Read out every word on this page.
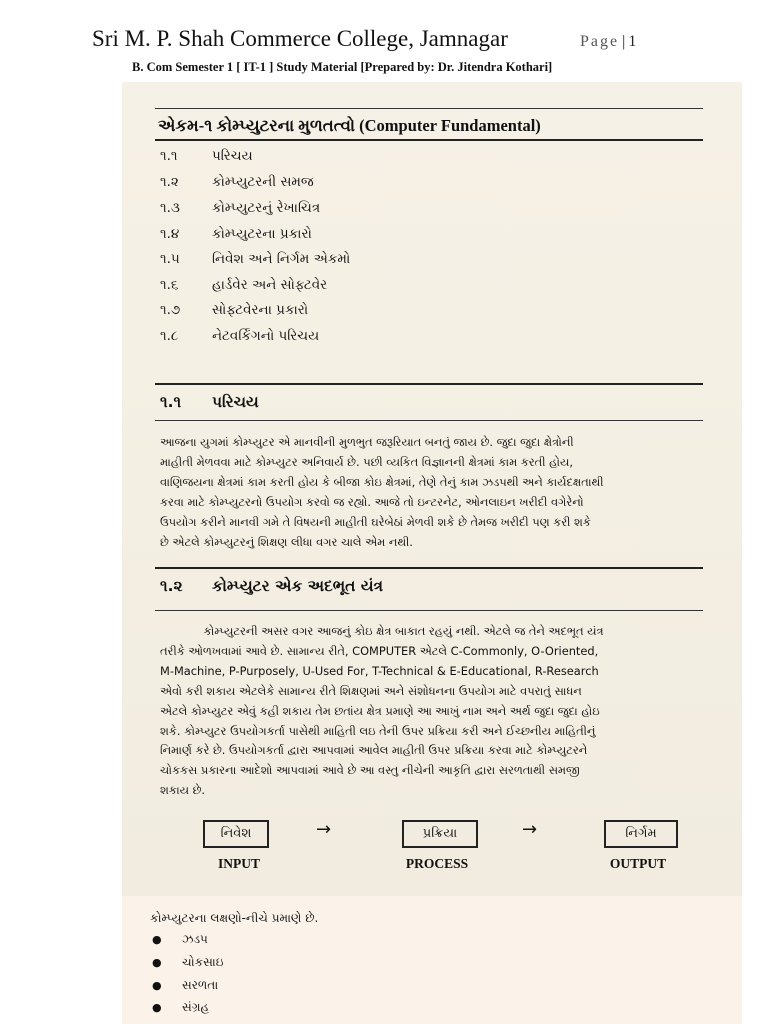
Sri M. P. Shah Commerce College, Jamnagar	Page | 1
B. Com Semester 1 [ IT-1 ] Study Material [Prepared by: Dr. Jitendra Kothari]
એકમ-૧ કોમ્પ્યુટરના મુળતત્વો (Computer Fundamental)
૧.૧	પરિચય
૧.૨ કોમ્પ્યુટરની સમજ
૧.૩ કોમ્પ્યુટરનું રેખાચિત્ર
૧.૪ કોમ્પ્યુટરના પ્રકારો
૧.૫ નિવેશ અને નિર્ગમ એકમો
૧.૬ હાર્ડવેર અને સોફ્ટવેર
૧.૭ સોફ્ટવેરના પ્રકારો
૧.૮ નેટવર્કિંગનો પરિચય
૧.૧ પરિચય
આજના યુગમાં કોમ્પ્યુટર એ માનવીની મુળભુત જરૂરિયાત બનતું જાય છે. જુદા જુદા ક્ષેત્રોની
માહીતી મેળવવા માટે કોમ્પ્યુટર અનિવાર્ય છે. પછી વ્યકિત વિજ્ઞાનની ક્ષેત્રમાં કામ કરતી હોય,
વાણિજયના ક્ષેત્રમાં કામ કરતી હોય કે બીજા કોઇ ક્ષેત્રમાં, તેણે તેનું કામ ઝડપથી અને કાર્યદક્ષતાથી
કરવા માટે કોમ્પ્યુટરનો ઉપયોગ કરવો જ રહ્યો. આજે તો ઇન્ટરનેટ, ઓનલાઇન ખરીદી વગેરેનો
ઉપયોગ કરીને માનવી ગમે તે વિષયની માહીતી ઘરેબેઠાં મેળવી શકે છે તેમજ ખરીદી પણ કરી શકે
છે એટલે કોમ્પ્યુટરનું શિક્ષણ લીધા વગર ચાલે એમ નથી.
૧.૨ કોમ્પ્યુટર એક અદભૂત યંત્ર
કોમ્પ્યુટરની અસર વગર આજનું કોઇ ક્ષેત્ર બાકાત રહયું નથી. એટલે જ તેને અદભૂત યંત્ર
તરીકે ઓળખવામાં આવે છે. સામાન્ય રીતે, COMPUTER એટલે C-Commonly, O-Oriented,
M-Machine, P-Purposely, U-Used For, T-Technical & E-Educational, R-Research
એવો કરી શકાય એટલેકે સામાન્ય રીતે શિક્ષણમાં અને સંશોધનના ઉપયોગ માટે વપરાતું સાધન
એટલે કોમ્પ્યુટર એવું કહી શકાય તેમ છતાંય ક્ષેત્ર પ્રમાણે આ આખું નામ અને અર્થ જુદા જુદા હોઇ
શકે. કોમ્પ્યુટર ઉપયોગકર્તા પાસેથી માહિતી લઇ તેની ઉપર પ્રક્રિયા કરી અને ઈચ્છનીય માહિતીનું
નિમાર્ણ કરે છે. ઉપયોગકર્તા દ્વારા આપવામાં આવેલ માહીતી ઉપર પ્રક્રિયા કરવા માટે કોમ્પ્યુટરને
ચોકકસ પ્રકારના આદેશો આપવામાં આવે છે આ વસ્તુ નીચેની આકૃતિ દ્વારા સરળતાથી સમજી
શકાય છે.
નિવેશ	→	પ્રક્રિયા	→	નિર્ગમ
INPUT	PROCESS	OUTPUT
કોમ્પ્યુટરના લક્ષણો-નીચે પ્રમાણે છે.
● ઝડપ
● ચોકસાઇ
● સરળતા
● સંગ્રહ
